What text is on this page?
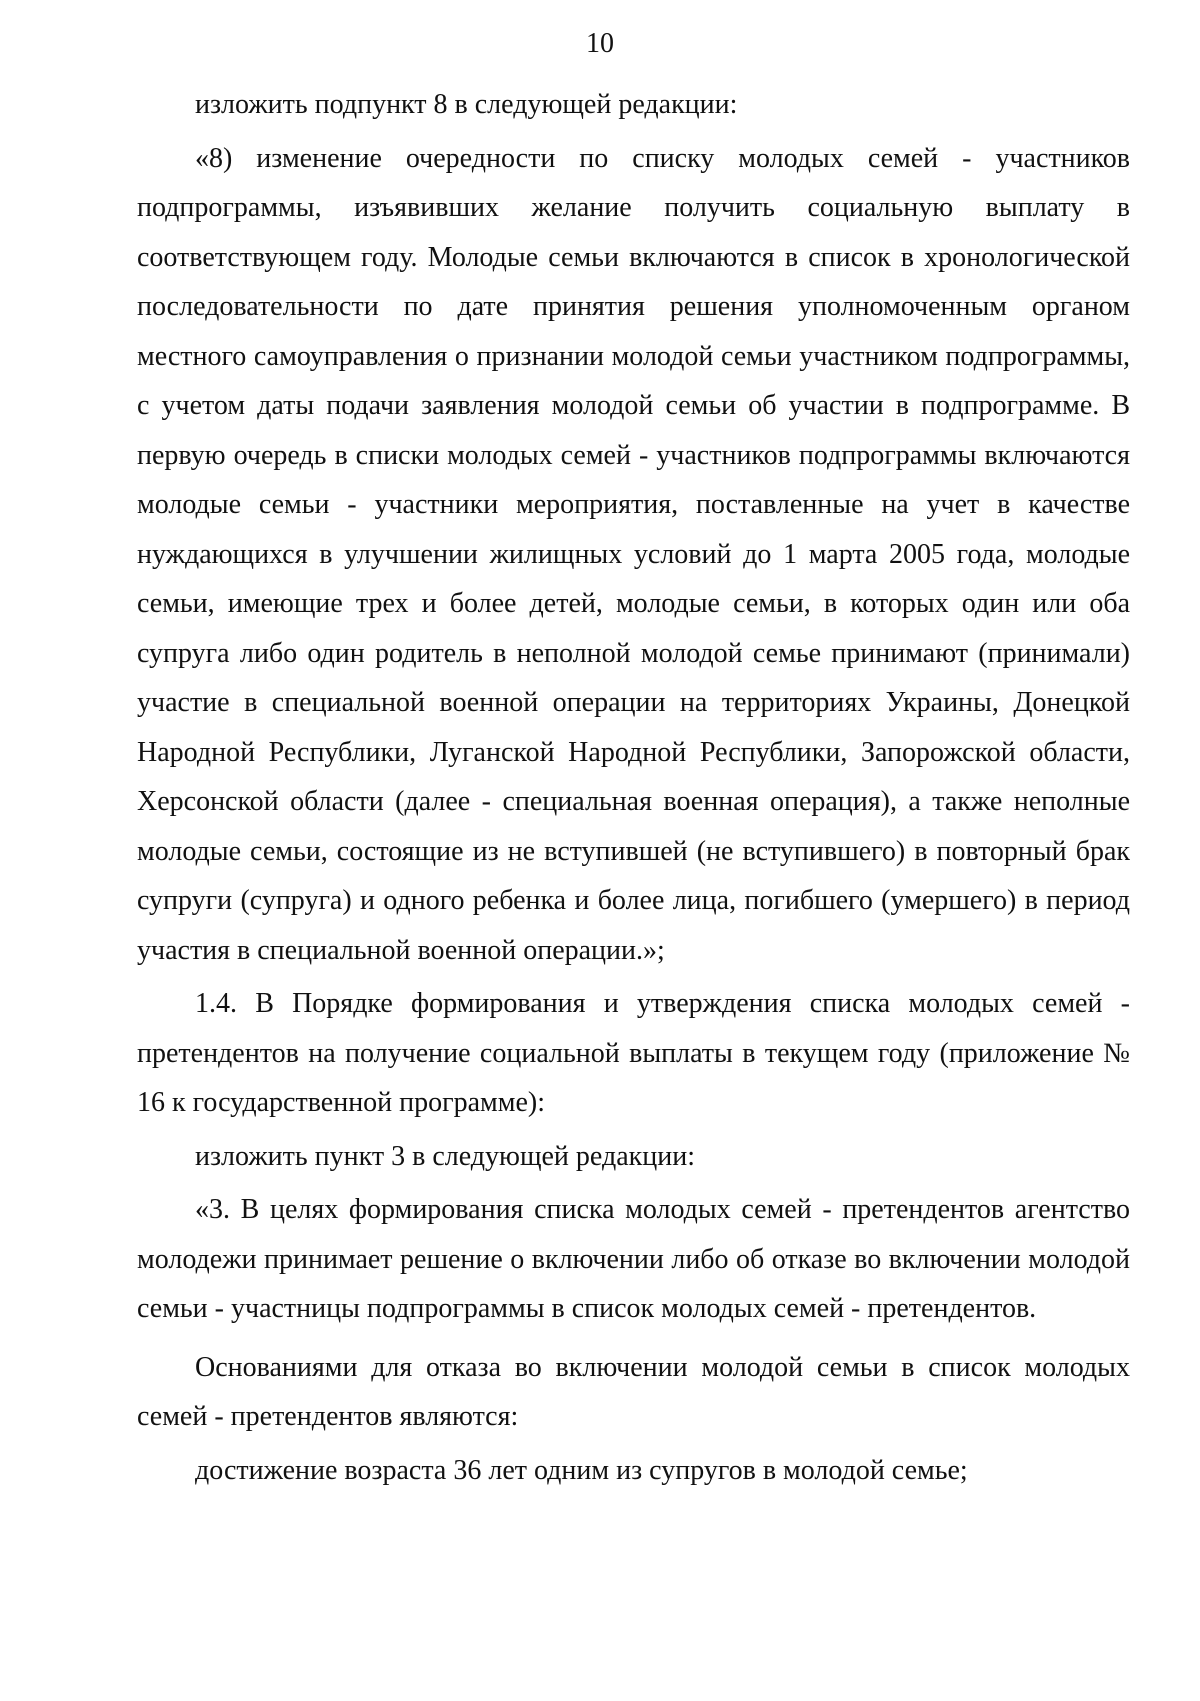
10

изложить подпункт 8 в следующей редакции:

«8) изменение очередности по списку молодых семей - участников подпрограммы, изъявивших желание получить социальную выплату в соответствующем году. Молодые семьи включаются в список в хронологической последовательности по дате принятия решения уполномоченным органом местного самоуправления о признании молодой семьи участником подпрограммы, с учетом даты подачи заявления молодой семьи об участии в подпрограмме. В первую очередь в списки молодых семей - участников подпрограммы включаются молодые семьи - участники мероприятия, поставленные на учет в качестве нуждающихся в улучшении жилищных условий до 1 марта 2005 года, молодые семьи, имеющие трех и более детей, молодые семьи, в которых один или оба супруга либо один родитель в неполной молодой семье принимают (принимали) участие в специальной военной операции на территориях Украины, Донецкой Народной Республики, Луганской Народной Республики, Запорожской области, Херсонской области (далее - специальная военная операция), а также неполные молодые семьи, состоящие из не вступившей (не вступившего) в повторный брак супруги (супруга) и одного ребенка и более лица, погибшего (умершего) в период участия в специальной военной операции.»;

1.4. В Порядке формирования и утверждения списка молодых семей - претендентов на получение социальной выплаты в текущем году (приложение № 16 к государственной программе):

изложить пункт 3 в следующей редакции:

«3. В целях формирования списка молодых семей - претендентов агентство молодежи принимает решение о включении либо об отказе во включении молодой семьи - участницы подпрограммы в список молодых семей - претендентов.

Основаниями для отказа во включении молодой семьи в список молодых семей - претендентов являются:

достижение возраста 36 лет одним из супругов в молодой семье;
